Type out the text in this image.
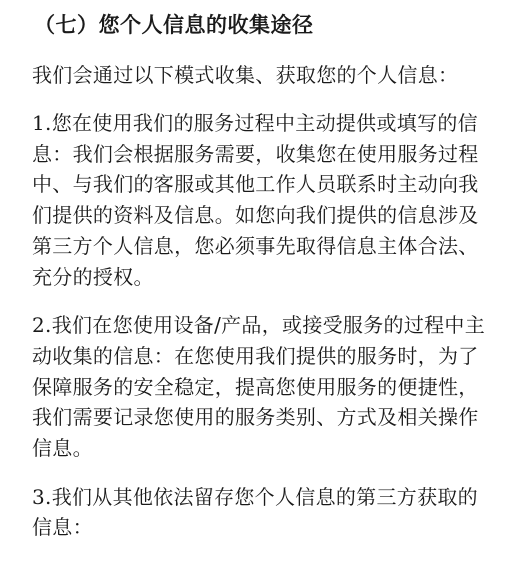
（七）您个人信息的收集途径
我们会通过以下模式收集、获取您的个人信息：
1.您在使用我们的服务过程中主动提供或填写的信
息：我们会根据服务需要，收集您在使用服务过程
中、与我们的客服或其他工作人员联系时主动向我
们提供的资料及信息。如您向我们提供的信息涉及
第三方个人信息，您必须事先取得信息主体合法、
充分的授权。
2.我们在您使用设备/产品，或接受服务的过程中主
动收集的信息：在您使用我们提供的服务时，为了
保障服务的安全稳定，提高您使用服务的便捷性，
我们需要记录您使用的服务类别、方式及相关操作
信息。
3.我们从其他依法留存您个人信息的第三方获取的
信息：
